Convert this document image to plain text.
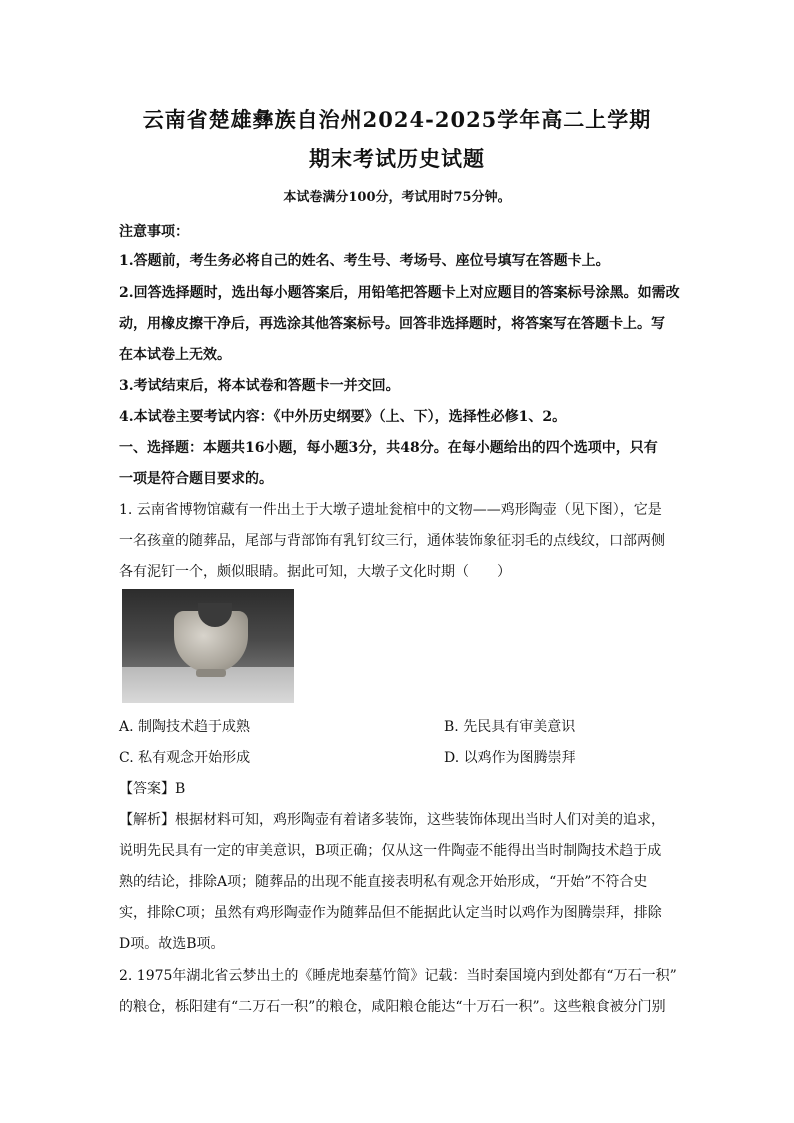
云南省楚雄彝族自治州2024-2025学年高二上学期
期末考试历史试题
本试卷满分100分，考试用时75分钟。
注意事项：
1.答题前，考生务必将自己的姓名、考生号、考场号、座位号填写在答题卡上。
2.回答选择题时，选出每小题答案后，用铅笔把答题卡上对应题目的答案标号涂黑。如需改
动，用橡皮擦干净后，再选涂其他答案标号。回答非选择题时，将答案写在答题卡上。写
在本试卷上无效。
3.考试结束后，将本试卷和答题卡一并交回。
4.本试卷主要考试内容：《中外历史纲要》（上、下），选择性必修1、2。
一、选择题：本题共16小题，每小题3分，共48分。在每小题给出的四个选项中，只有
一项是符合题目要求的。
1. 云南省博物馆藏有一件出土于大墩子遗址瓮棺中的文物——鸡形陶壶（见下图），它是
一名孩童的随葬品，尾部与背部饰有乳钉纹三行，通体装饰象征羽毛的点线纹，口部两侧
各有泥钉一个，颇似眼睛。据此可知，大墩子文化时期（　　）
A. 制陶技术趋于成熟	B. 先民具有审美意识
C. 私有观念开始形成	D. 以鸡作为图腾崇拜
【答案】B
【解析】根据材料可知，鸡形陶壶有着诸多装饰，这些装饰体现出当时人们对美的追求，
说明先民具有一定的审美意识，B项正确；仅从这一件陶壶不能得出当时制陶技术趋于成
熟的结论，排除A项；随葬品的出现不能直接表明私有观念开始形成，“开始”不符合史
实，排除C项；虽然有鸡形陶壶作为随葬品但不能据此认定当时以鸡作为图腾崇拜，排除
D项。故选B项。
2. 1975年湖北省云梦出土的《睡虎地秦墓竹简》记载：当时秦国境内到处都有“万石一积”
的粮仓，栎阳建有“二万石一积”的粮仓，咸阳粮仓能达“十万石一积”。这些粮食被分门别
